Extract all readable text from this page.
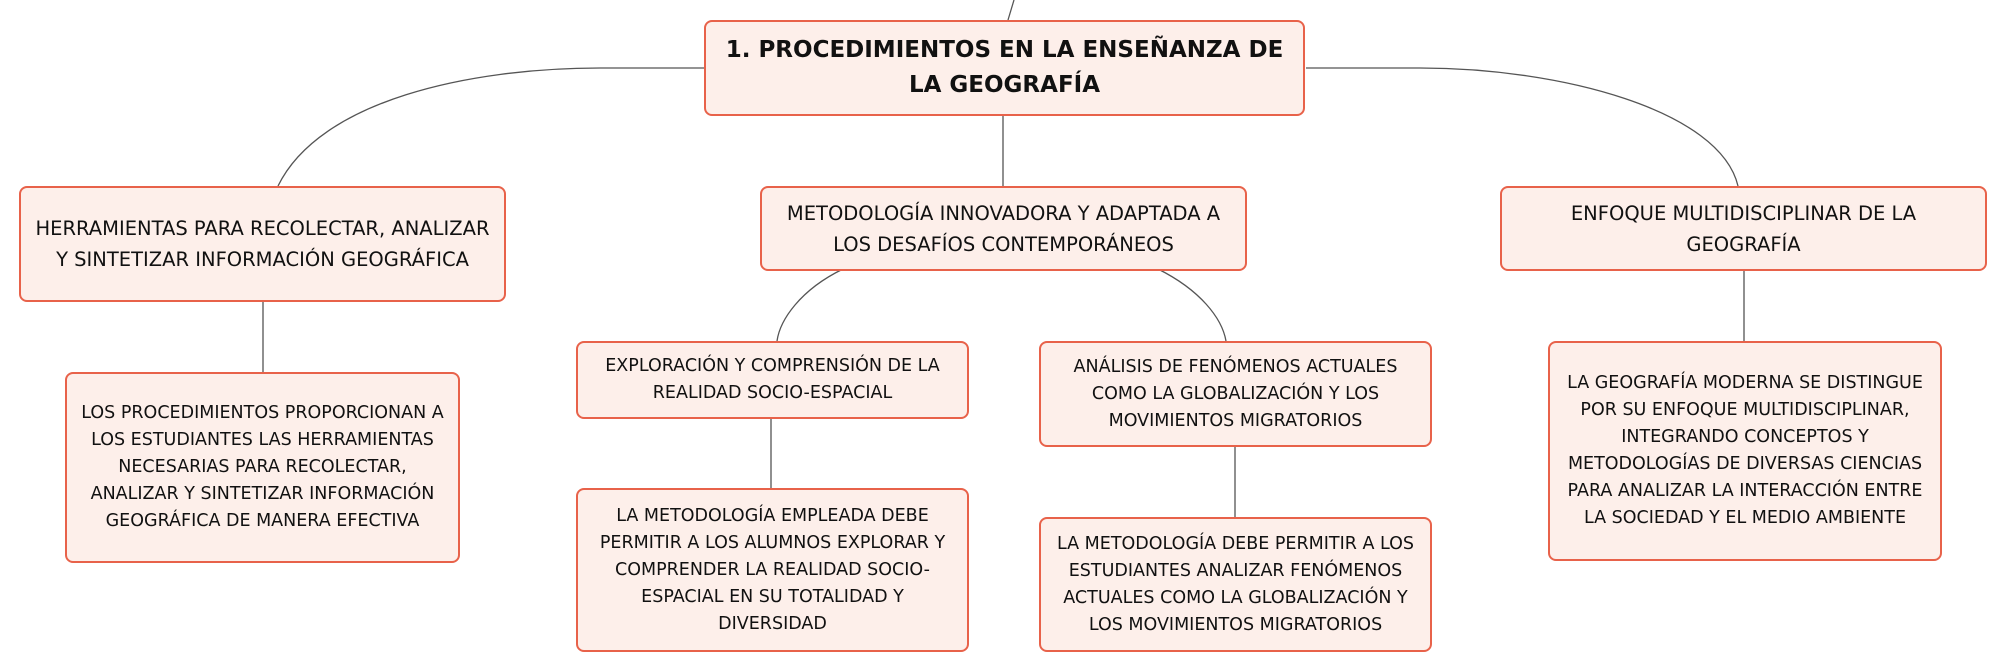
1. PROCEDIMIENTOS EN LA ENSEÑANZA DE LA GEOGRAFÍA
HERRAMIENTAS PARA RECOLECTAR, ANALIZAR Y SINTETIZAR INFORMACIÓN GEOGRÁFICA
METODOLOGÍA INNOVADORA Y ADAPTADA A LOS DESAFÍOS CONTEMPORÁNEOS
ENFOQUE MULTIDISCIPLINAR DE LA GEOGRAFÍA
LOS PROCEDIMIENTOS PROPORCIONAN A LOS ESTUDIANTES LAS HERRAMIENTAS NECESARIAS PARA RECOLECTAR, ANALIZAR Y SINTETIZAR INFORMACIÓN GEOGRÁFICA DE MANERA EFECTIVA
EXPLORACIÓN Y COMPRENSIÓN DE LA REALIDAD SOCIO-ESPACIAL
ANÁLISIS DE FENÓMENOS ACTUALES COMO LA GLOBALIZACIÓN Y LOS MOVIMIENTOS MIGRATORIOS
LA GEOGRAFÍA MODERNA SE DISTINGUE POR SU ENFOQUE MULTIDISCIPLINAR, INTEGRANDO CONCEPTOS Y METODOLOGÍAS DE DIVERSAS CIENCIAS PARA ANALIZAR LA INTERACCIÓN ENTRE LA SOCIEDAD Y EL MEDIO AMBIENTE
LA METODOLOGÍA EMPLEADA DEBE PERMITIR A LOS ALUMNOS EXPLORAR Y COMPRENDER LA REALIDAD SOCIO-ESPACIAL EN SU TOTALIDAD Y DIVERSIDAD
LA METODOLOGÍA DEBE PERMITIR A LOS ESTUDIANTES ANALIZAR FENÓMENOS ACTUALES COMO LA GLOBALIZACIÓN Y LOS MOVIMIENTOS MIGRATORIOS
